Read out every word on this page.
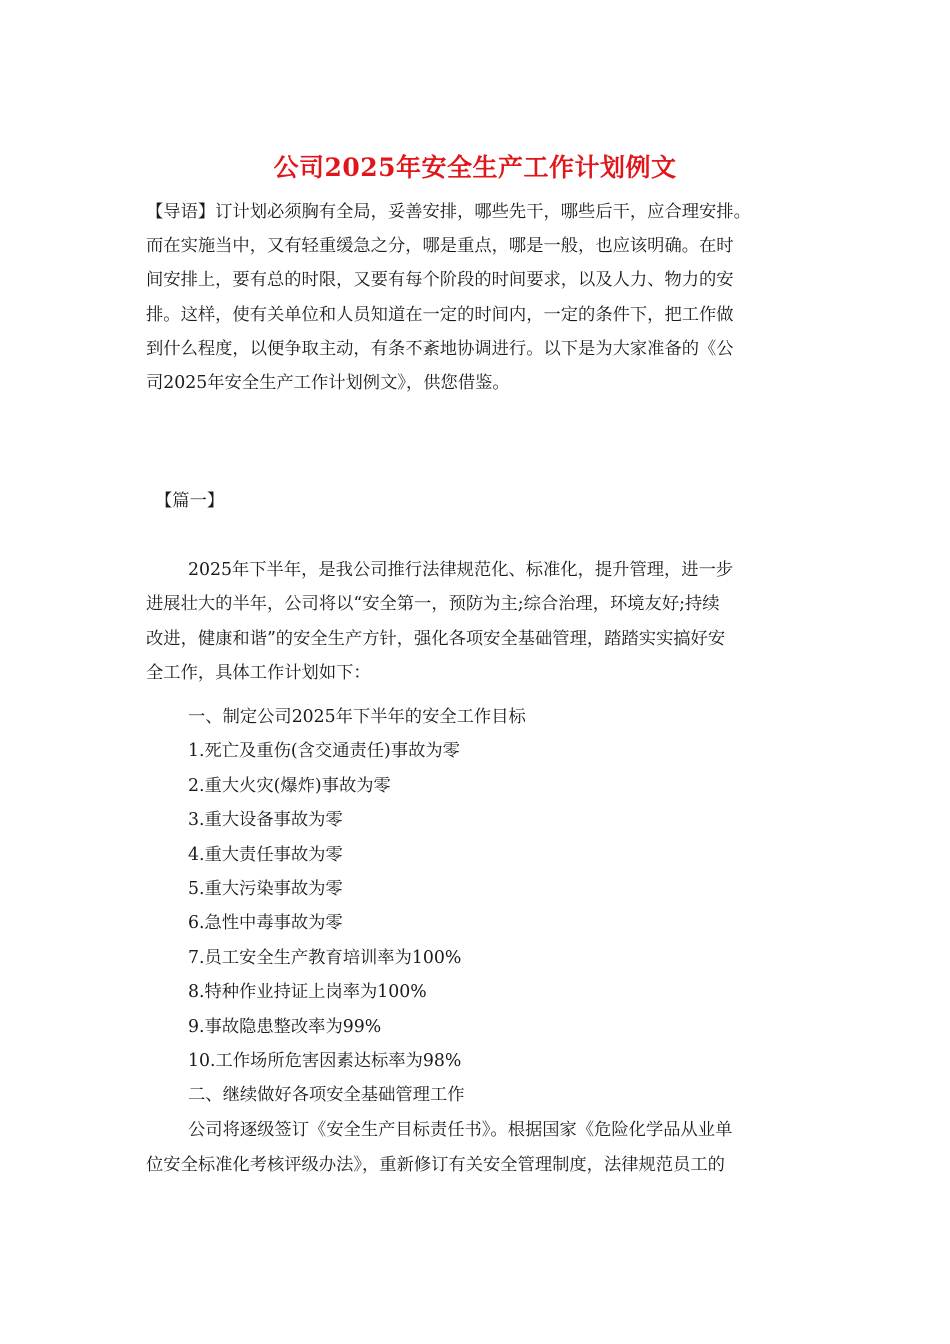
公司2025年安全生产工作计划例文
【导语】订计划必须胸有全局，妥善安排，哪些先干，哪些后干，应合理安排。
而在实施当中，又有轻重缓急之分，哪是重点，哪是一般，也应该明确。在时
间安排上，要有总的时限，又要有每个阶段的时间要求，以及人力、物力的安
排。这样，使有关单位和人员知道在一定的时间内，一定的条件下，把工作做
到什么程度，以便争取主动，有条不紊地协调进行。以下是为大家准备的《公
司2025年安全生产工作计划例文》，供您借鉴。
【篇一】
2025年下半年，是我公司推行法律规范化、标准化，提升管理，进一步
进展壮大的半年，公司将以“安全第一，预防为主;综合治理，环境友好;持续
改进，健康和谐”的安全生产方针，强化各项安全基础管理，踏踏实实搞好安
全工作，具体工作计划如下：
一、制定公司2025年下半年的安全工作目标
1.死亡及重伤(含交通责任)事故为零
2.重大火灾(爆炸)事故为零
3.重大设备事故为零
4.重大责任事故为零
5.重大污染事故为零
6.急性中毒事故为零
7.员工安全生产教育培训率为100%
8.特种作业持证上岗率为100%
9.事故隐患整改率为99%
10.工作场所危害因素达标率为98%
二、继续做好各项安全基础管理工作
公司将逐级签订《安全生产目标责任书》。根据国家《危险化学品从业单
位安全标准化考核评级办法》，重新修订有关安全管理制度，法律规范员工的
